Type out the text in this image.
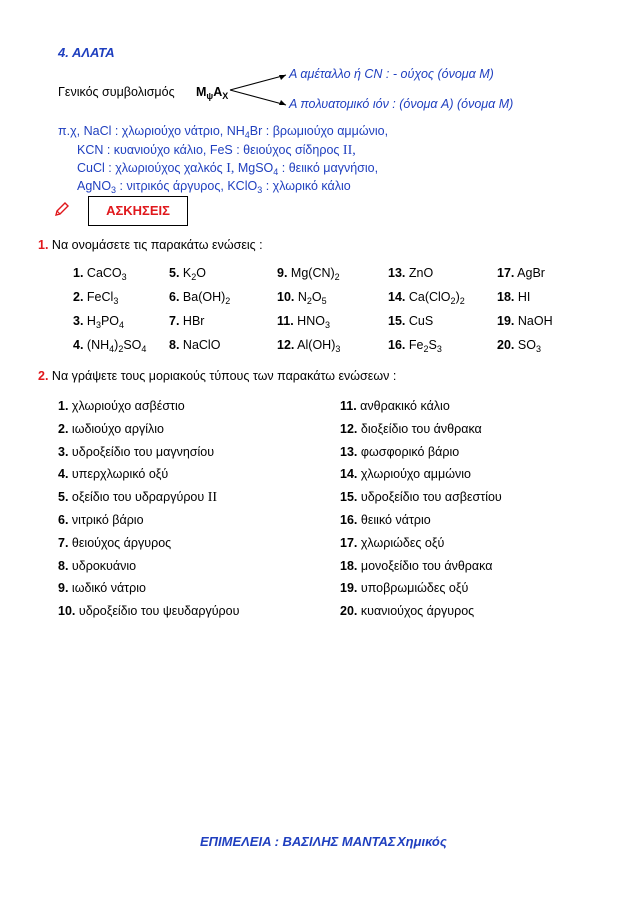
4. ΑΛΑΤΑ
Γενικός συμβολισμός $M_\psi A_X$
A αμέταλλο ή CN : - ούχος (όνομα M)
A πολυατομικό ιόν : (όνομα A) (όνομα M)
π.χ, NaCl : χλωριούχο νάτριο, $NH_4Br$ : βρωμιούχο αμμώνιο,
KCN : κυανιούχο κάλιο, FeS : θειούχος σίδηρος II,
CuCl : χλωριούχος χαλκός I, MgSO$_4$ : θειικό μαγνήσιο,
AgNO$_3$ : νιτρικός άργυρος, KClO$_3$ : χλωρικό κάλιο
ΑΣΚΗΣΕΙΣ
1. Να ονομάσετε τις παρακάτω ενώσεις :
1. CaCO$_3$	5. $K_2O$	9. $Mg(CN)_2$	13. ZnO	17. AgBr
2. FeCl$_3$	6. $Ba(OH)_2$	10. $N_2O_5$	14. $Ca(ClO_2)_2$	18. HI
3. $H_3PO_4$	7. HBr	11. $HNO_3$	15. CuS	19. NaOH
4. $(NH_4)_2SO_4$ 8. NaClO	12. $Al(OH)_3$	16. $Fe_2S_3$	20. $SO_3$
2. Να γράψετε τους μοριακούς τύπους των παρακάτω ενώσεων :
1. χλωριούχο ασβέστιο
2. ιωδιούχο αργίλιο
3. υδροξείδιο του μαγνησίου
4. υπερχλωρικό οξύ
5. οξείδιο του υδραργύρου II
6. νιτρικό βάριο
7. θειούχος άργυρος
8. υδροκυάνιο
9. ιωδικό νάτριο
10. υδροξείδιο του ψευδαργύρου
11. ανθρακικό κάλιο
12. διοξείδιο του άνθρακα
13. φωσφορικό βάριο
14. χλωριούχο αμμώνιο
15. υδροξείδιο του ασβεστίου
16. θειικό νάτριο
17. χλωριώδες οξύ
18. μονοξείδιο του άνθρακα
19. υποβρωμιώδες οξύ
20. κυανιούχος άργυρος
ΕΠΙΜΕΛΕΙΑ : ΒΑΣΙΛΗΣ ΜΑΝΤΑΣ Χημικός
